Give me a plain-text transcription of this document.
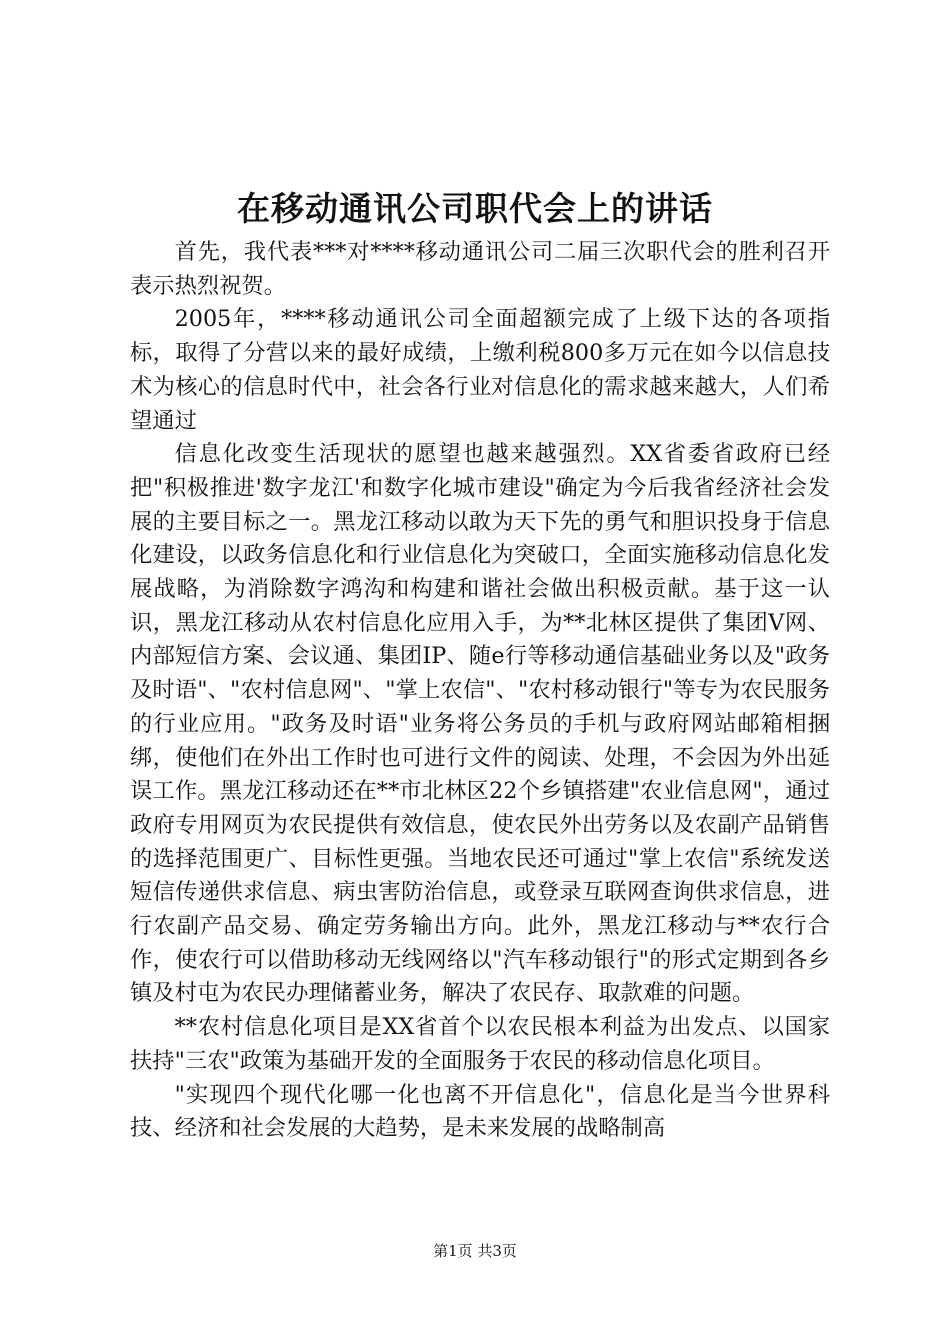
在移动通讯公司职代会上的讲话

首先，我代表***对****移动通讯公司二届三次职代会的胜利召开表示热烈祝贺。

2005年，****移动通讯公司全面超额完成了上级下达的各项指标，取得了分营以来的最好成绩，上缴利税800多万元在如今以信息技术为核心的信息时代中，社会各行业对信息化的需求越来越大，人们希望通过

信息化改变生活现状的愿望也越来越强烈。XX省委省政府已经把"积极推进'数字龙江'和数字化城市建设"确定为今后我省经济社会发展的主要目标之一。黑龙江移动以敢为天下先的勇气和胆识投身于信息化建设，以政务信息化和行业信息化为突破口，全面实施移动信息化发展战略，为消除数字鸿沟和构建和谐社会做出积极贡献。基于这一认识，黑龙江移动从农村信息化应用入手，为**北林区提供了集团V网、内部短信方案、会议通、集团IP、随e行等移动通信基础业务以及"政务及时语"、"农村信息网"、"掌上农信"、"农村移动银行"等专为农民服务的行业应用。"政务及时语"业务将公务员的手机与政府网站邮箱相捆绑，使他们在外出工作时也可进行文件的阅读、处理，不会因为外出延误工作。黑龙江移动还在**市北林区22个乡镇搭建"农业信息网"，通过政府专用网页为农民提供有效信息，使农民外出劳务以及农副产品销售的选择范围更广、目标性更强。当地农民还可通过"掌上农信"系统发送短信传递供求信息、病虫害防治信息，或登录互联网查询供求信息，进行农副产品交易、确定劳务输出方向。此外，黑龙江移动与**农行合作，使农行可以借助移动无线网络以"汽车移动银行"的形式定期到各乡镇及村屯为农民办理储蓄业务，解决了农民存、取款难的问题。

**农村信息化项目是XX省首个以农民根本利益为出发点、以国家扶持"三农"政策为基础开发的全面服务于农民的移动信息化项目。

"实现四个现代化哪一化也离不开信息化"，信息化是当今世界科技、经济和社会发展的大趋势，是未来发展的战略制高

第1页 共3页
